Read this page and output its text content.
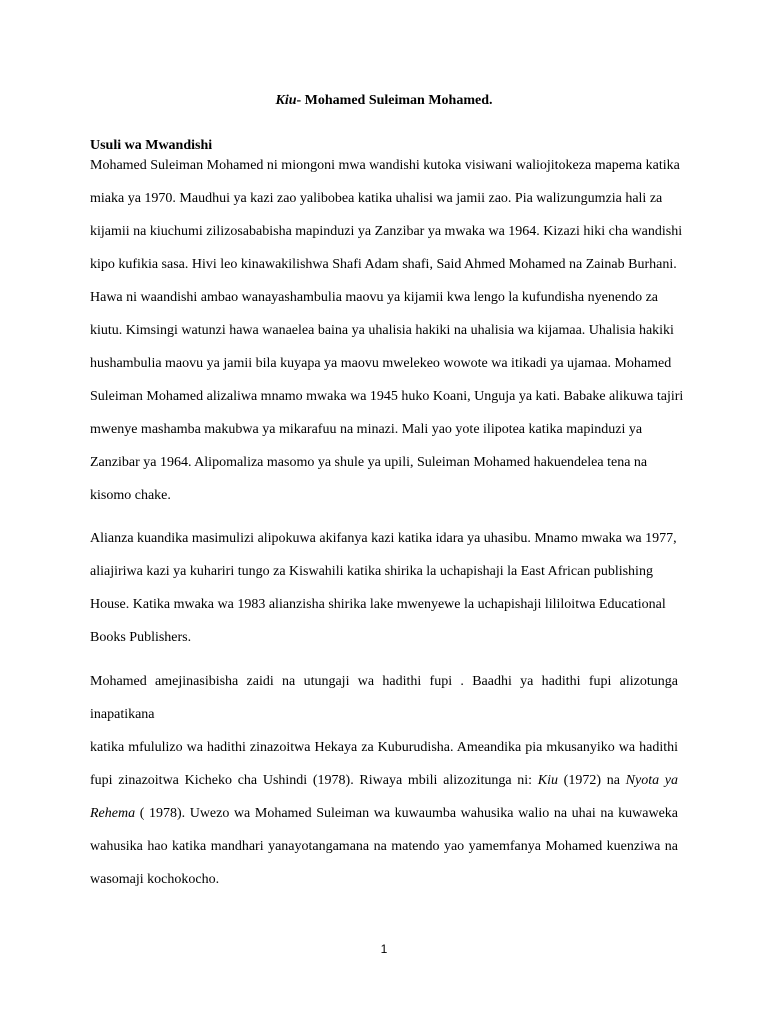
Kiu- Mohamed Suleiman Mohamed.
Usuli wa Mwandishi
Mohamed Suleiman Mohamed ni miongoni mwa wandishi kutoka visiwani waliojitokeza mapema katika
miaka ya 1970. Maudhui ya kazi zao yalibobea katika uhalisi wa jamii zao. Pia walizungumzia hali za
kijamii na kiuchumi zilizosababisha mapinduzi ya Zanzibar ya mwaka wa 1964. Kizazi hiki cha wandishi
kipo kufikia sasa. Hivi leo kinawakilishwa Shafi Adam shafi, Said Ahmed Mohamed na Zainab Burhani.
Hawa ni waandishi ambao wanayashambulia maovu ya kijamii kwa lengo la kufundisha nyenendo za
kiutu. Kimsingi watunzi hawa wanaelea baina ya uhalisia hakiki na uhalisia wa kijamaa. Uhalisia hakiki
hushambulia maovu ya jamii bila kuyapa ya maovu mwelekeo wowote wa itikadi ya ujamaa. Mohamed
Suleiman Mohamed alizaliwa mnamo mwaka wa 1945 huko Koani, Unguja ya kati. Babake alikuwa tajiri
mwenye mashamba makubwa ya mikarafuu na minazi. Mali yao yote ilipotea katika mapinduzi ya
Zanzibar ya 1964. Alipomaliza masomo ya shule ya upili, Suleiman Mohamed hakuendelea tena na
kisomo chake.
Alianza kuandika masimulizi alipokuwa akifanya kazi katika idara ya uhasibu. Mnamo mwaka wa 1977,
aliajiriwa kazi ya kuhariri tungo za Kiswahili katika shirika la uchapishaji la East African publishing
House. Katika mwaka wa 1983 alianzisha shirika lake mwenyewe la uchapishaji lililoitwa Educational
Books Publishers.
Mohamed amejinasibisha zaidi na utungaji wa hadithi fupi . Baadhi ya hadithi fupi alizotunga inapatikana
katika mfululizo wa hadithi zinazoitwa Hekaya za Kuburudisha. Ameandika pia mkusanyiko wa hadithi
fupi zinazoitwa Kicheko cha Ushindi (1978). Riwaya mbili alizozitunga ni: Kiu (1972) na Nyota ya
Rehema ( 1978). Uwezo wa Mohamed Suleiman wa kuwaumba wahusika walio na uhai na kuwaweka
wahusika hao katika mandhari yanayotangamana na matendo yao yamemfanya Mohamed kuenziwa na
wasomaji kochokocho.
1
